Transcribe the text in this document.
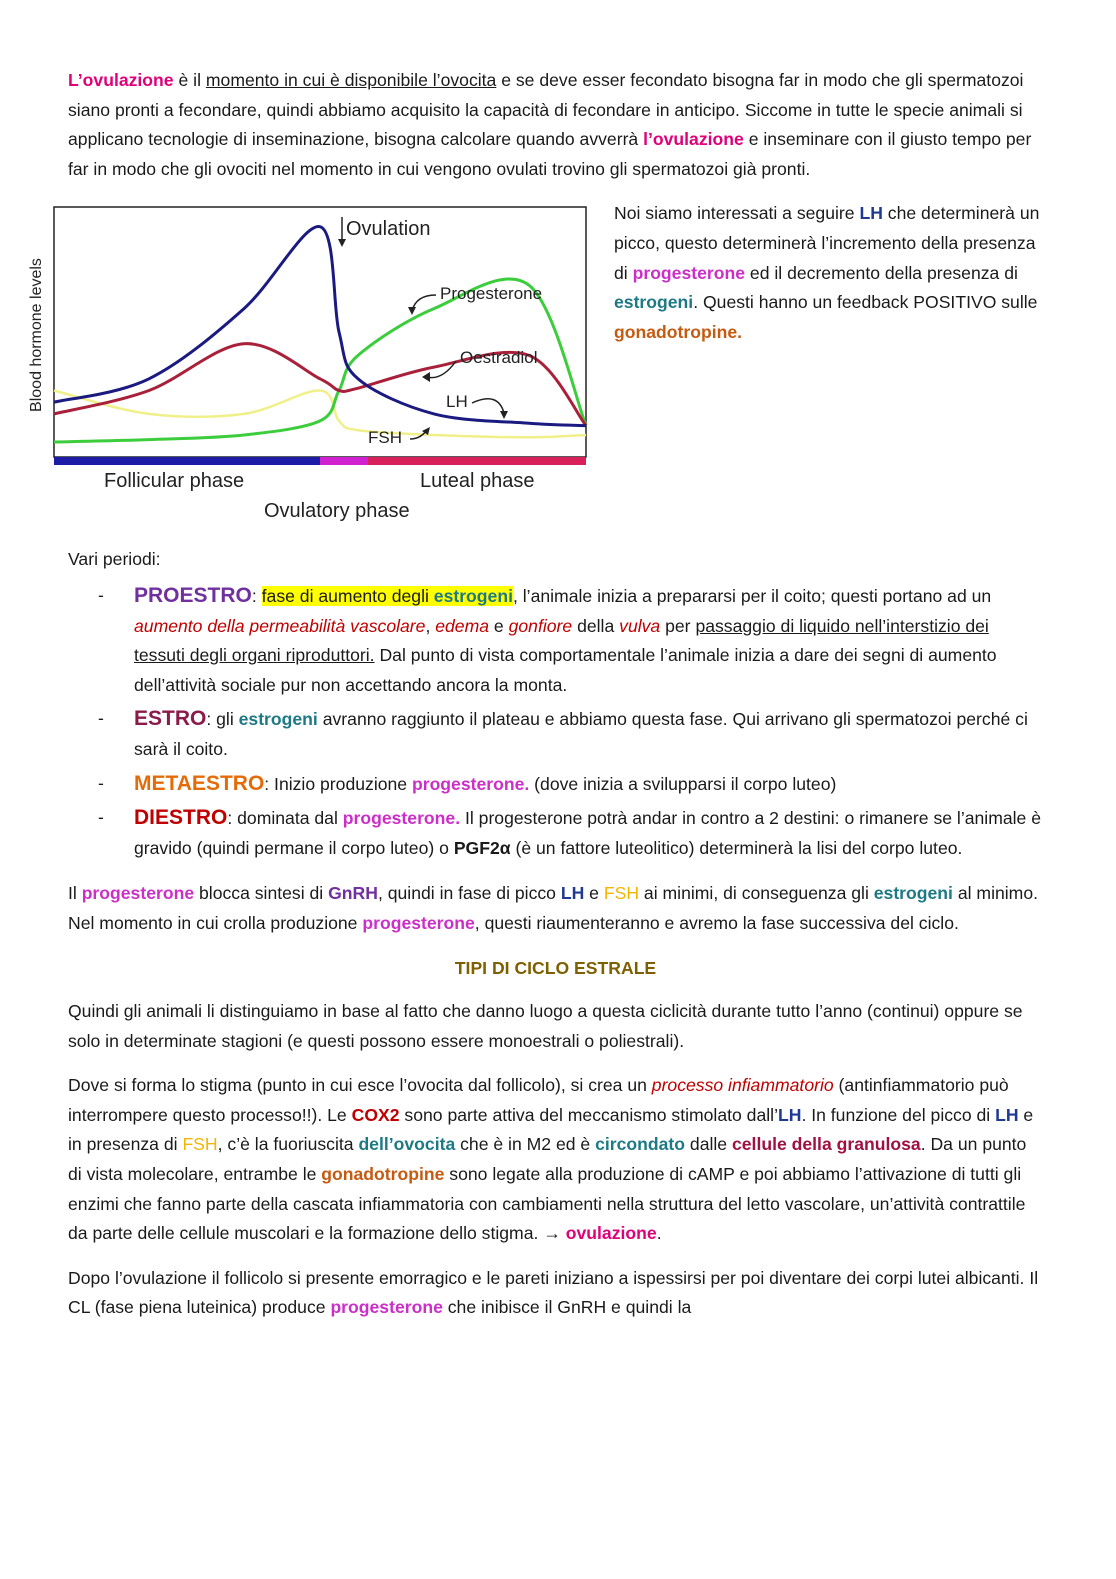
L’ovulazione è il momento in cui è disponibile l’ovocita e se deve esser fecondato bisogna far in modo che gli spermatozoi siano pronti a fecondare, quindi abbiamo acquisito la capacità di fecondare in anticipo. Siccome in tutte le specie animali si applicano tecnologie di inseminazione, bisogna calcolare quando avverrà l’ovulazione e inseminare con il giusto tempo per far in modo che gli ovociti nel momento in cui vengono ovulati trovino gli spermatozoi già pronti.

Blood hormone levels
Ovulation
Progesterone
Oestradiol
LH
FSH
Follicular phase	Luteal phase
Ovulatory phase

Noi siamo interessati a seguire LH che determinerà un picco, questo determinerà l’incremento della presenza di progesterone ed il decremento della presenza di estrogeni. Questi hanno un feedback POSITIVO sulle gonadotropine.

Vari periodi:

- PROESTRO: fase di aumento degli estrogeni, l’animale inizia a prepararsi per il coito; questi portano ad un aumento della permeabilità vascolare, edema e gonfiore della vulva per passaggio di liquido nell’interstizio dei tessuti degli organi riproduttori. Dal punto di vista comportamentale l’animale inizia a dare dei segni di aumento dell’attività sociale pur non accettando ancora la monta.
- ESTRO: gli estrogeni avranno raggiunto il plateau e abbiamo questa fase. Qui arrivano gli spermatozoi perché ci sarà il coito.
- METAESTRO: Inizio produzione progesterone. (dove inizia a svilupparsi il corpo luteo)
- DIESTRO: dominata dal progesterone. Il progesterone potrà andar in contro a 2 destini: o rimanere se l’animale è gravido (quindi permane il corpo luteo) o PGF2α (è un fattore luteolitico) determinerà la lisi del corpo luteo.

Il progesterone blocca sintesi di GnRH, quindi in fase di picco LH e FSH ai minimi, di conseguenza gli estrogeni al minimo. Nel momento in cui crolla produzione progesterone, questi riaumenteranno e avremo la fase successiva del ciclo.

TIPI DI CICLO ESTRALE

Quindi gli animali li distinguiamo in base al fatto che danno luogo a questa ciclicità durante tutto l’anno (continui) oppure se solo in determinate stagioni (e questi possono essere monoestrali o poliestrali).

Dove si forma lo stigma (punto in cui esce l’ovocita dal follicolo), si crea un processo infiammatorio (antinfiammatorio può interrompere questo processo!!). Le COX2 sono parte attiva del meccanismo stimolato dall’LH. In funzione del picco di LH e in presenza di FSH, c’è la fuoriuscita dell’ovocita che è in M2 ed è circondato dalle cellule della granulosa. Da un punto di vista molecolare, entrambe le gonadotropine sono legate alla produzione di cAMP e poi abbiamo l’attivazione di tutti gli enzimi che fanno parte della cascata infiammatoria con cambiamenti nella struttura del letto vascolare, un’attività contrattile da parte delle cellule muscolari e la formazione dello stigma. → ovulazione.

Dopo l’ovulazione il follicolo si presente emorragico e le pareti iniziano a ispessirsi per poi diventare dei corpi lutei albicanti. Il CL (fase piena luteinica) produce progesterone che inibisce il GnRH e quindi la
